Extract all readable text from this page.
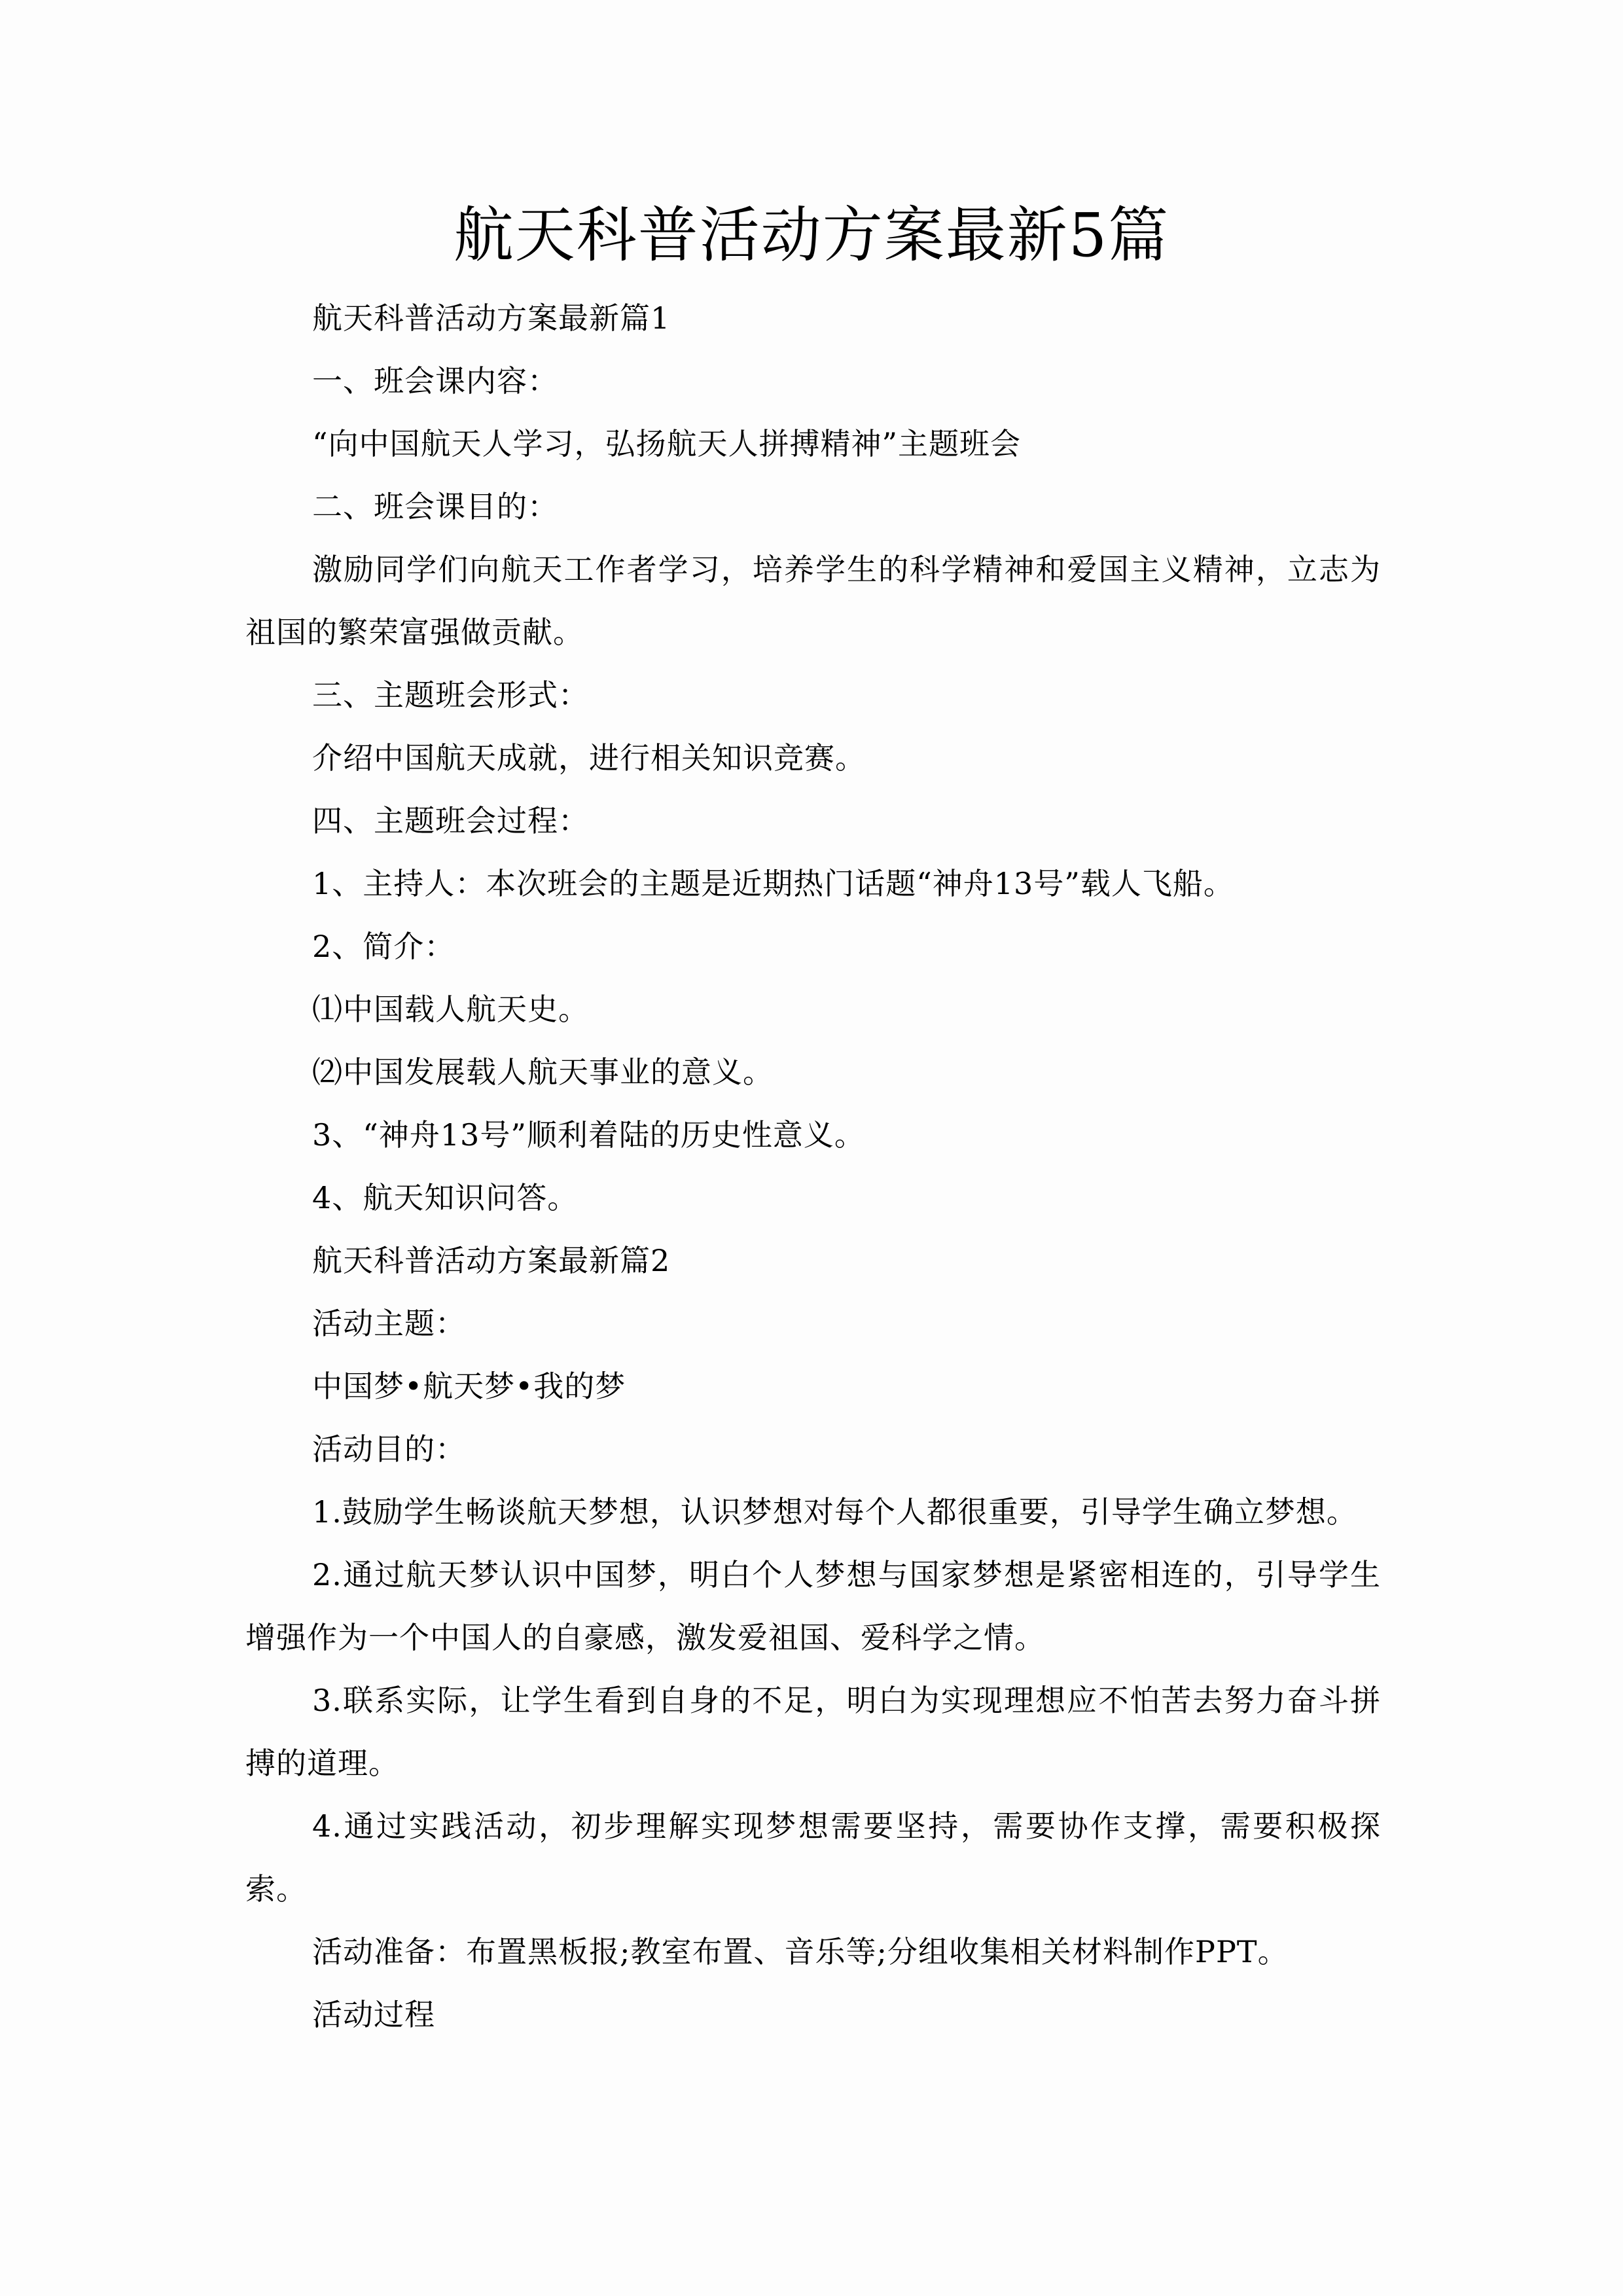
航天科普活动方案最新5篇
航天科普活动方案最新篇1
一、班会课内容：
“向中国航天人学习，弘扬航天人拼搏精神”主题班会
二、班会课目的：
激励同学们向航天工作者学习，培养学生的科学精神和爱国主义精神，立志为祖国的繁荣富强做贡献。
三、主题班会形式：
介绍中国航天成就，进行相关知识竞赛。
四、主题班会过程：
1、主持人：本次班会的主题是近期热门话题“神舟13号”载人飞船。
2、简介：
⑴中国载人航天史。
⑵中国发展载人航天事业的意义。
3、“神舟13号”顺利着陆的历史性意义。
4、航天知识问答。
航天科普活动方案最新篇2
活动主题：
中国梦•航天梦•我的梦
活动目的：
1.鼓励学生畅谈航天梦想，认识梦想对每个人都很重要，引导学生确立梦想。
2.通过航天梦认识中国梦，明白个人梦想与国家梦想是紧密相连的，引导学生增强作为一个中国人的自豪感，激发爱祖国、爱科学之情。
3.联系实际，让学生看到自身的不足，明白为实现理想应不怕苦去努力奋斗拼搏的道理。
4.通过实践活动，初步理解实现梦想需要坚持，需要协作支撑，需要积极探索。
活动准备：布置黑板报;教室布置、音乐等;分组收集相关材料制作PPT。
活动过程
